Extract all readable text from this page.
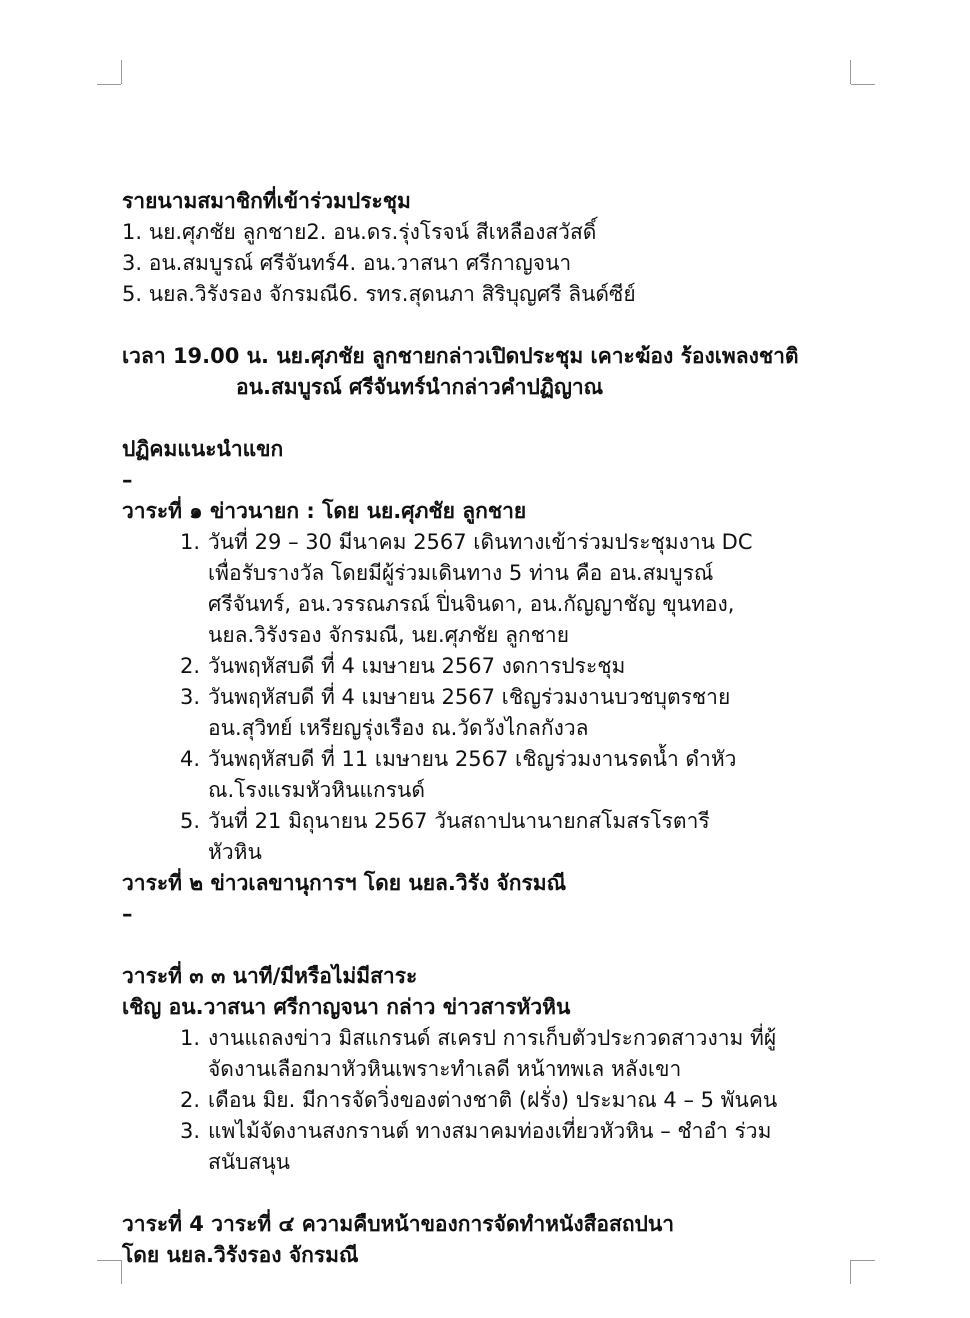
รายนามสมาชิกที่เข้าร่วมประชุม
1. นย.ศุภชัย ลูกชาย2. อน.ดร.รุ่งโรจน์ สีเหลืองสวัสดิ์
3. อน.สมบูรณ์ ศรีจันทร์4. อน.วาสนา ศรีกาญจนา
5. นยล.วิรังรอง จักรมณี6. รทร.สุดนภา สิริบุญศรี ลินด์ซีย์
เวลา 19.00 น. นย.ศุภชัย ลูกชายกล่าวเปิดประชุม เคาะฆ้อง ร้องเพลงชาติ
อน.สมบูรณ์ ศรีจันทร์นำกล่าวคำปฏิญาณ
ปฏิคมแนะนำแขก
–
วาระที่ ๑ ข่าวนายก : โดย นย.ศุภชัย ลูกชาย
1. วันที่ 29 – 30 มีนาคม 2567 เดินทางเข้าร่วมประชุมงาน DC
เพื่อรับรางวัล โดยมีผู้ร่วมเดินทาง 5 ท่าน คือ อน.สมบูรณ์
ศรีจันทร์, อน.วรรณภรณ์ ปิ่นจินดา, อน.กัญญาชัญ ขุนทอง,
นยล.วิรังรอง จักรมณี, นย.ศุภชัย ลูกชาย
2. วันพฤหัสบดี ที่ 4 เมษายน 2567 งดการประชุม
3. วันพฤหัสบดี ที่ 4 เมษายน 2567 เชิญร่วมงานบวชบุตรชาย
อน.สุวิทย์ เหรียญรุ่งเรือง ณ.วัดวังไกลกังวล
4. วันพฤหัสบดี ที่ 11 เมษายน 2567 เชิญร่วมงานรดน้ำ ดำหัว
ณ.โรงแรมหัวหินแกรนด์
5. วันที่ 21 มิถุนายน 2567 วันสถาปนานายกสโมสรโรตารี
หัวหิน
วาระที่ ๒ ข่าวเลขานุการฯ โดย นยล.วิรัง จักรมณี
–
วาระที่ ๓ ๓ นาที/มีหรือไม่มีสาระ
เชิญ อน.วาสนา ศรีกาญจนา กล่าว ข่าวสารหัวหิน
1. งานแถลงข่าว มิสแกรนด์ สเครป การเก็บตัวประกวดสาวงาม ที่ผู้
จัดงานเลือกมาหัวหินเพราะทำเลดี หน้าทพเล หลังเขา
2. เดือน มิย. มีการจัดวิ่งของต่างชาติ (ฝรั่ง) ประมาณ 4 – 5 พันคน
3. แพไม้จัดงานสงกรานต์ ทางสมาคมท่องเที่ยวหัวหิน – ชำอำ ร่วม
สนับสนุน
วาระที่ 4 วาระที่ ๔ ความคืบหน้าของการจัดทำหนังสือสถปนา
โดย นยล.วิรังรอง จักรมณี
